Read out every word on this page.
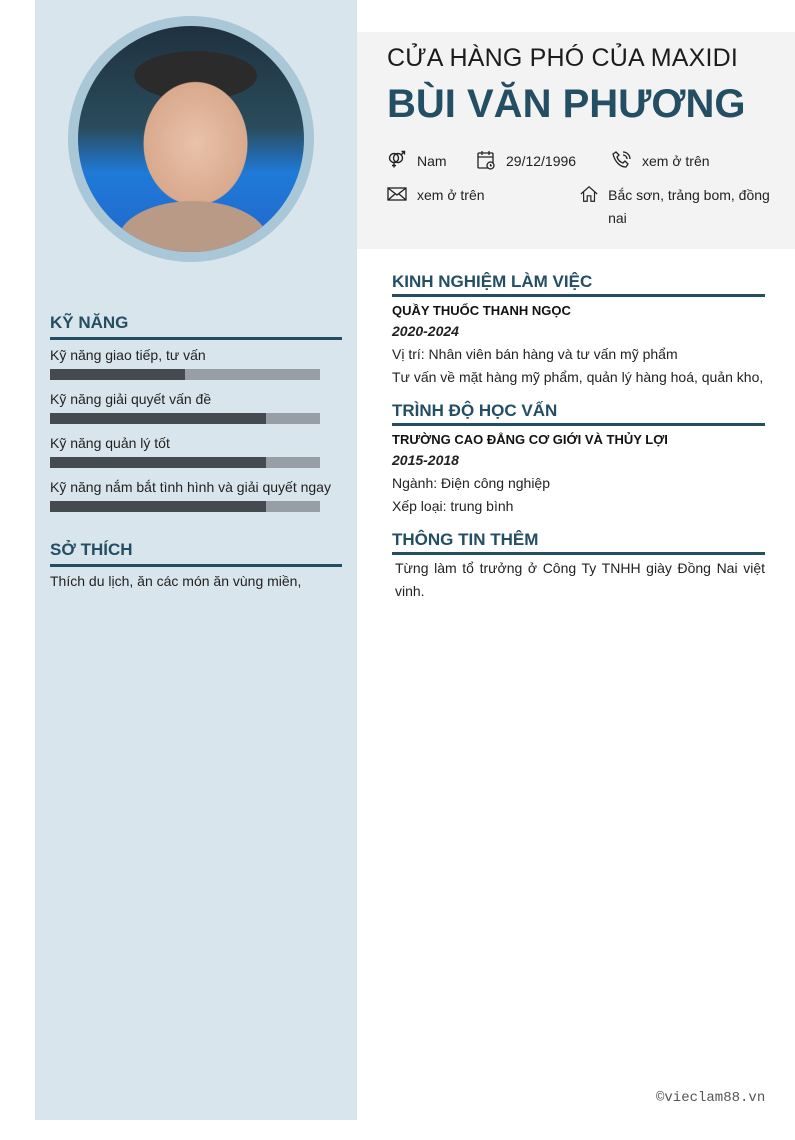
KỸ NĂNG
Kỹ năng giao tiếp, tư vấn
Kỹ năng giải quyết vấn đề
Kỹ năng quản lý tốt
Kỹ năng nắm bắt tình hình và giải quyết ngay
SỞ THÍCH
Thích du lịch, ăn các món ăn vùng miền,
CỬA HÀNG PHÓ CỦA MAXIDI
BÙI VĂN PHƯƠNG
Nam	29/12/1996	xem ở trên
xem ở trên	Bắc sơn, trảng bom, đồng nai
KINH NGHIỆM LÀM VIỆC
QUẦY THUỐC THANH NGỌC
2020-2024
Vị trí: Nhân viên bán hàng và tư vấn mỹ phẩm
Tư vấn về mặt hàng mỹ phẩm, quản lý hàng hoá, quản kho,
TRÌNH ĐỘ HỌC VẤN
TRƯỜNG CAO ĐẲNG CƠ GIỚI VÀ THỦY LỢI
2015-2018
Ngành: Điện công nghiệp
Xếp loại: trung bình
THÔNG TIN THÊM
Từng làm tổ trưởng ở Công Ty TNHH giày Đồng Nai việt vinh.
©vieclam88.vn
